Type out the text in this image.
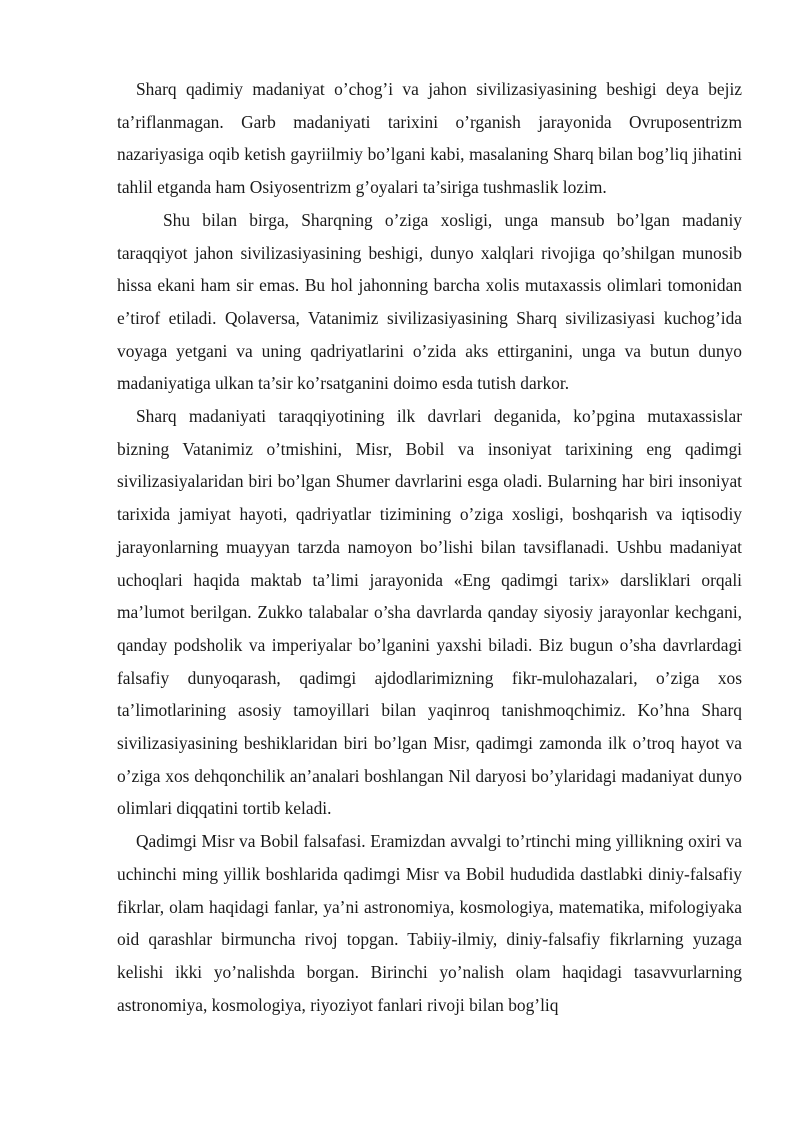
Sharq qadimiy madaniyat o’chog’i va jahon sivilizasiyasining beshigi deya bejiz ta’riflanmagan. Garb madaniyati tarixini o’rganish jarayonida Ovruposentrizm nazariyasiga oqib ketish gayriilmiy bo’lgani kabi, masalaning Sharq bilan bog’liq jihatini tahlil etganda ham Osiyosentrizm g’oyalari ta’siriga tushmaslik lozim.

Shu bilan birga, Sharqning o’ziga xosligi, unga mansub bo’lgan madaniy taraqqiyot jahon sivilizasiyasining beshigi, dunyo xalqlari rivojiga qo’shilgan munosib hissa ekani ham sir emas. Bu hol jahonning barcha xolis mutaxassis olimlari tomonidan e’tirof etiladi. Qolaversa, Vatanimiz sivilizasiyasining Sharq sivilizasiyasi kuchog’ida voyaga yetgani va uning qadriyatlarini o’zida aks ettirganini, unga va butun dunyo madaniyatiga ulkan ta’sir ko’rsatganini doimo esda tutish darkor.

Sharq madaniyati taraqqiyotining ilk davrlari deganida, ko’pgina mutaxassislar bizning Vatanimiz o’tmishini, Misr, Bobil va insoniyat tarixining eng qadimgi sivilizasiyalaridan biri bo’lgan Shumer davrlarini esga oladi. Bularning har biri insoniyat tarixida jamiyat hayoti, qadriyatlar tizimining o’ziga xosligi, boshqarish va iqtisodiy jarayonlarning muayyan tarzda namoyon bo’lishi bilan tavsiflanadi. Ushbu madaniyat uchoqlari haqida maktab ta’limi jarayonida «Eng qadimgi tarix» darsliklari orqali ma’lumot berilgan. Zukko talabalar o’sha davrlarda qanday siyosiy jarayonlar kechgani, qanday podsholik va imperiyalar bo’lganini yaxshi biladi. Biz bugun o’sha davrlardagi falsafiy dunyoqarash, qadimgi ajdodlarimizning fikr-mulohazalari, o’ziga xos ta’limotlarining asosiy tamoyillari bilan yaqinroq tanishmoqchimiz. Ko’hna Sharq sivilizasiyasining beshiklaridan biri bo’lgan Misr, qadimgi zamonda ilk o’troq hayot va o’ziga xos dehqonchilik an’analari boshlangan Nil daryosi bo’ylaridagi madaniyat dunyo olimlari diqqatini tortib keladi.

Qadimgi Misr va Bobil falsafasi. Eramizdan avvalgi to’rtinchi ming yillikning oxiri va uchinchi ming yillik boshlarida qadimgi Misr va Bobil hududida dastlabki diniy-falsafiy fikrlar, olam haqidagi fanlar, ya’ni astronomiya, kosmologiya, matematika, mifologiyaka oid qarashlar birmuncha rivoj topgan. Tabiiy-ilmiy, diniy-falsafiy fikrlarning yuzaga kelishi ikki yo’nalishda borgan. Birinchi yo’nalish olam haqidagi tasavvurlarning astronomiya, kosmologiya, riyoziyot fanlari rivoji bilan bog’liq
